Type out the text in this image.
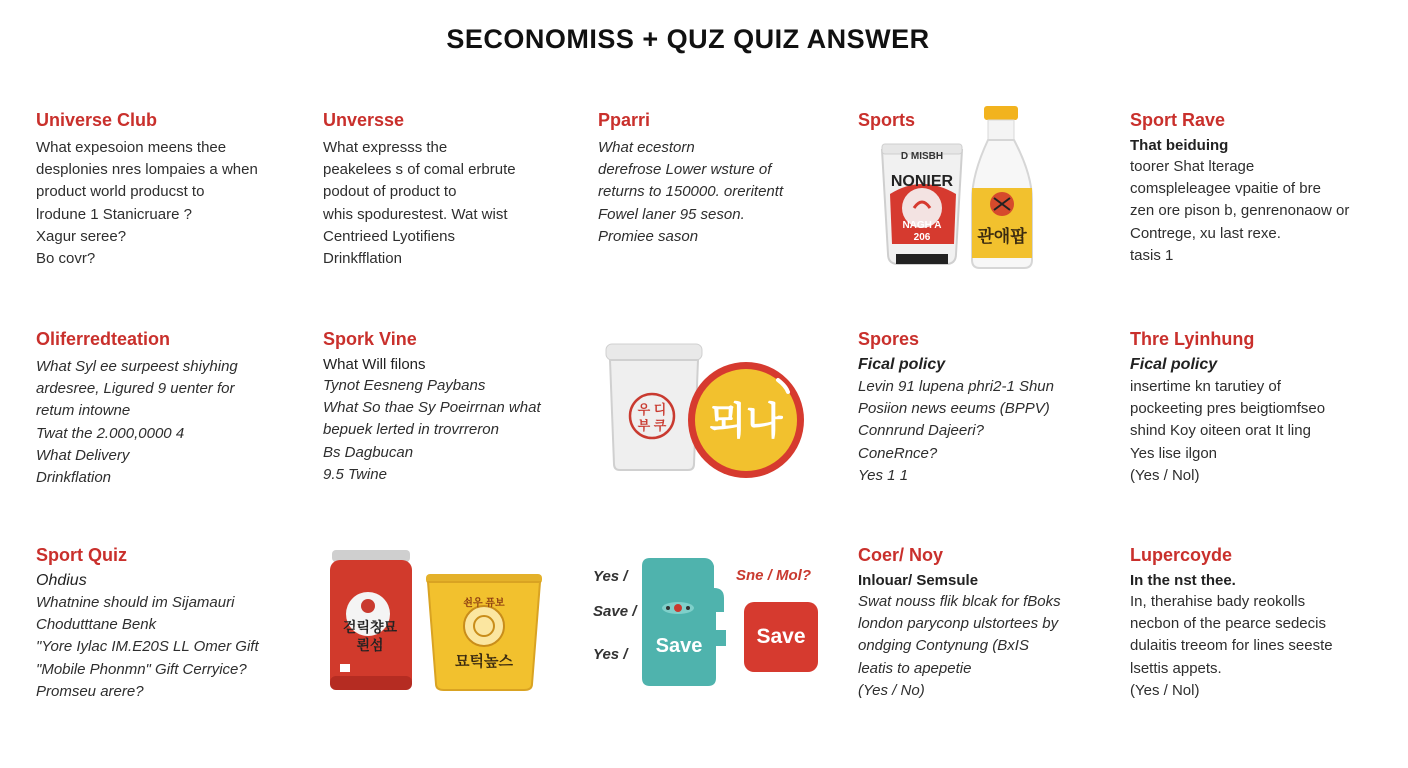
SECONOMISS + QUZ QUIZ ANSWER
Universe Club
What expesoion meens thee
desplonies nres lompaies a when
product world producst to
lrodune 1 Stanicruare ?
Xagur seree?
Bo covr?
Unversse
What expresss the
peakelees s of comal erbrute
podout of product to
whis spodurestest. Wat wist
Centrieed Lyotifiens
Drinkfflation
Pparri
What ecestorn
derefrose Lower wsture of
returns to 150000. oreritentt
Fowel laner 95 seson.
Promiee sason
Sports
D MISBH
NONIER
NAGH A
206	관애팝
Sport Rave
That beiduing
toorer Shat lterage
comspleleagee vpaitie of bre
zen ore pison b, genrenonaow or
Contrege, xu last rexe.
tasis 1
Oliferredteation
What Syl ee surpeest shiyhing
ardesree, Ligured 9 uenter for
retum intowne
Twat the 2.000,0000 4
What Delivery
Drinkflation
Spork Vine
What Will filons
Tynot Eesneng Paybans
What So thae Sy Poeirrnan what
bepuek lerted in trovrreron
Bs Dagbucan
9.5 Twine
우 디
부 쿠 뫼나
Spores
Fical policy
Levin 91 lupena phri2-1 Shun
Posiion news eeums (BPPV)
Connrund Dajeeri?
ConeRnce?
Yes 1 1
Thre Lyinhung
Fical policy
insertime kn tarutiey of
pockeeting pres beigtiomfseo
shind Koy oiteen orat It ling
Yes lise ilgon
(Yes / Nol)
Sport Quiz
Ohdius
Whatnine should im Sijamauri
Chodutttane Benk
"Yore Iylac IM.E20S LL Omer Gift
"Mobile Phonmn" Gift Cerryice?
Promseu arere?
걷릭챵묘
뢴섬
쇤우 퓨보
묘턱높스
Yes /
Save /
Yes / Save
Sne / Mol?
Save
Coer/ Noy
Inlouar/ Semsule
Swat nouss flik blcak for fBoks
london paryconp ulstortees by
ondging Contynung (BxIS
leatis to apepetie
(Yes / No)
Lupercoyde
In the nst thee.
In, therahise bady reokolls
necbon of the pearce sedecis
dulaitis treeom for lines seeste
lsettis appets.
(Yes / Nol)
